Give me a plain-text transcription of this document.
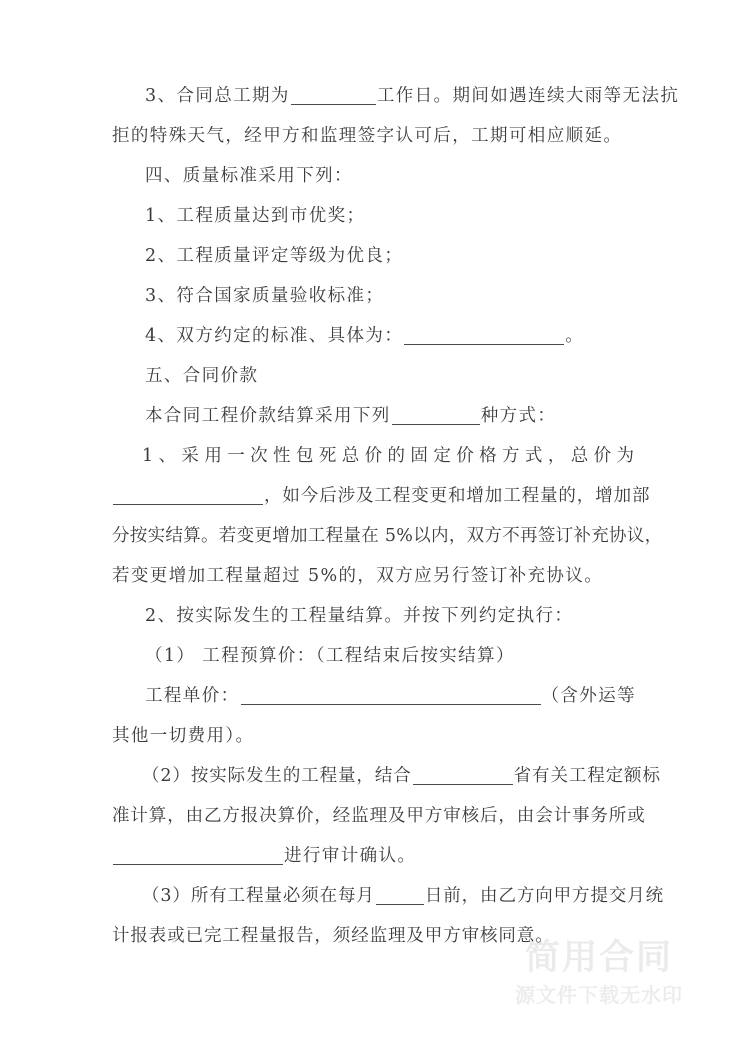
简用合同
源文件下载无水印
3、合同总工期为	工作日。期间如遇连续大雨等无法抗
拒的特殊天气，经甲方和监理签字认可后，工期可相应顺延。
四、质量标准采用下列：
1、工程质量达到市优奖；
2、工程质量评定等级为优良；
3、符合国家质量验收标准；
4、双方约定的标准、具体为：	。
五、合同价款
本合同工程价款结算采用下列	种方式：
1、采用一次性包死总价的固定价格方式，总价为
，如今后涉及工程变更和增加工程量的，增加部
分按实结算。若变更增加工程量在 5%以内，双方不再签订补充协议，
若变更增加工程量超过 5%的，双方应另行签订补充协议。
2、按实际发生的工程量结算。并按下列约定执行：
（1） 工程预算价：（工程结束后按实结算）
工程单价：	（含外运等
其他一切费用）。
（2）按实际发生的工程量，结合	省有关工程定额标
准计算，由乙方报决算价，经监理及甲方审核后，由会计事务所或
进行审计确认。
（3）所有工程量必须在每月	日前，由乙方向甲方提交月统
计报表或已完工程量报告，须经监理及甲方审核同意。
